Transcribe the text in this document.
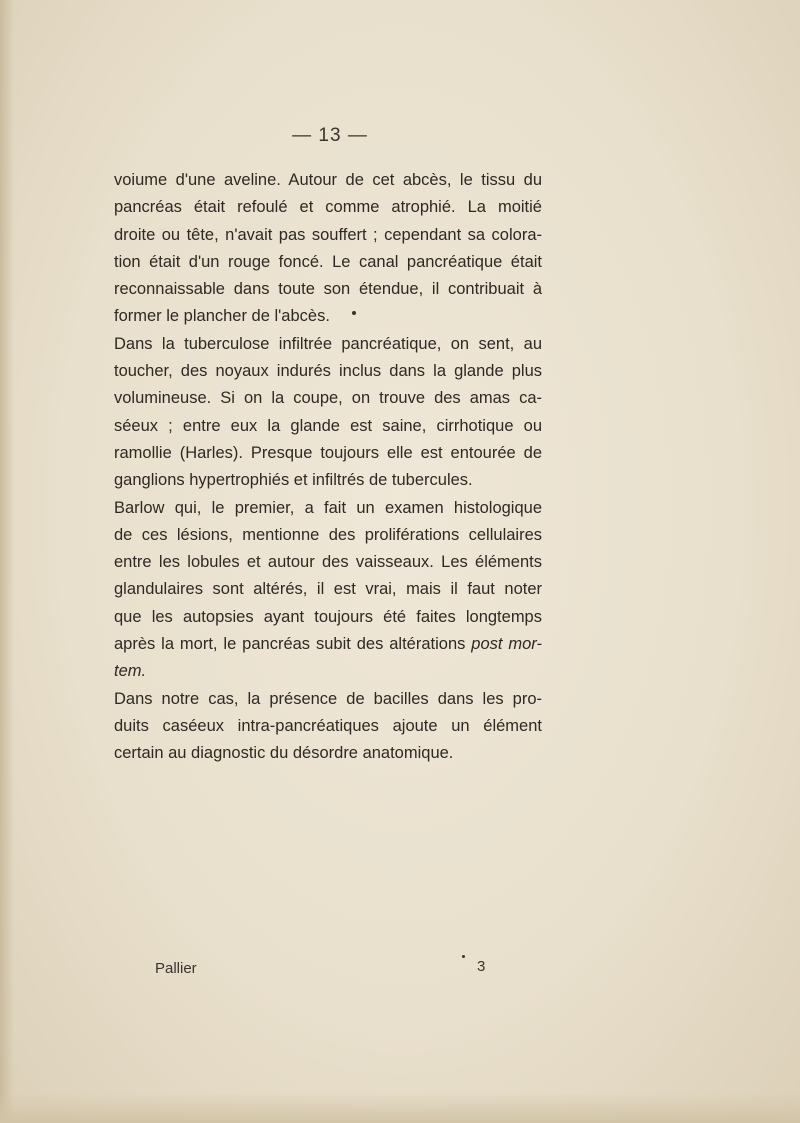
— 13 —
voiume d'une aveline. Autour de cet abcès, le tissu du
pancréas était refoulé et comme atrophié. La moitié
droite ou tête, n'avait pas souffert ; cependant sa colora-
tion était d'un rouge foncé. Le canal pancréatique était
reconnaissable dans toute son étendue, il contribuait à
former le plancher de l'abcès.
Dans la tuberculose infiltrée pancréatique, on sent, au
toucher, des noyaux indurés inclus dans la glande plus
volumineuse. Si on la coupe, on trouve des amas ca-
séeux ; entre eux la glande est saine, cirrhotique ou
ramollie (Harles). Presque toujours elle est entourée de
ganglions hypertrophiés et infiltrés de tubercules.
Barlow qui, le premier, a fait un examen histologique
de ces lésions, mentionne des proliférations cellulaires
entre les lobules et autour des vaisseaux. Les éléments
glandulaires sont altérés, il est vrai, mais il faut noter
que les autopsies ayant toujours été faites longtemps
après la mort, le pancréas subit des altérations post mor-
tem.
Dans notre cas, la présence de bacilles dans les pro-
duits caséeux intra-pancréatiques ajoute un élément
certain au diagnostic du désordre anatomique.
Pallier	3
